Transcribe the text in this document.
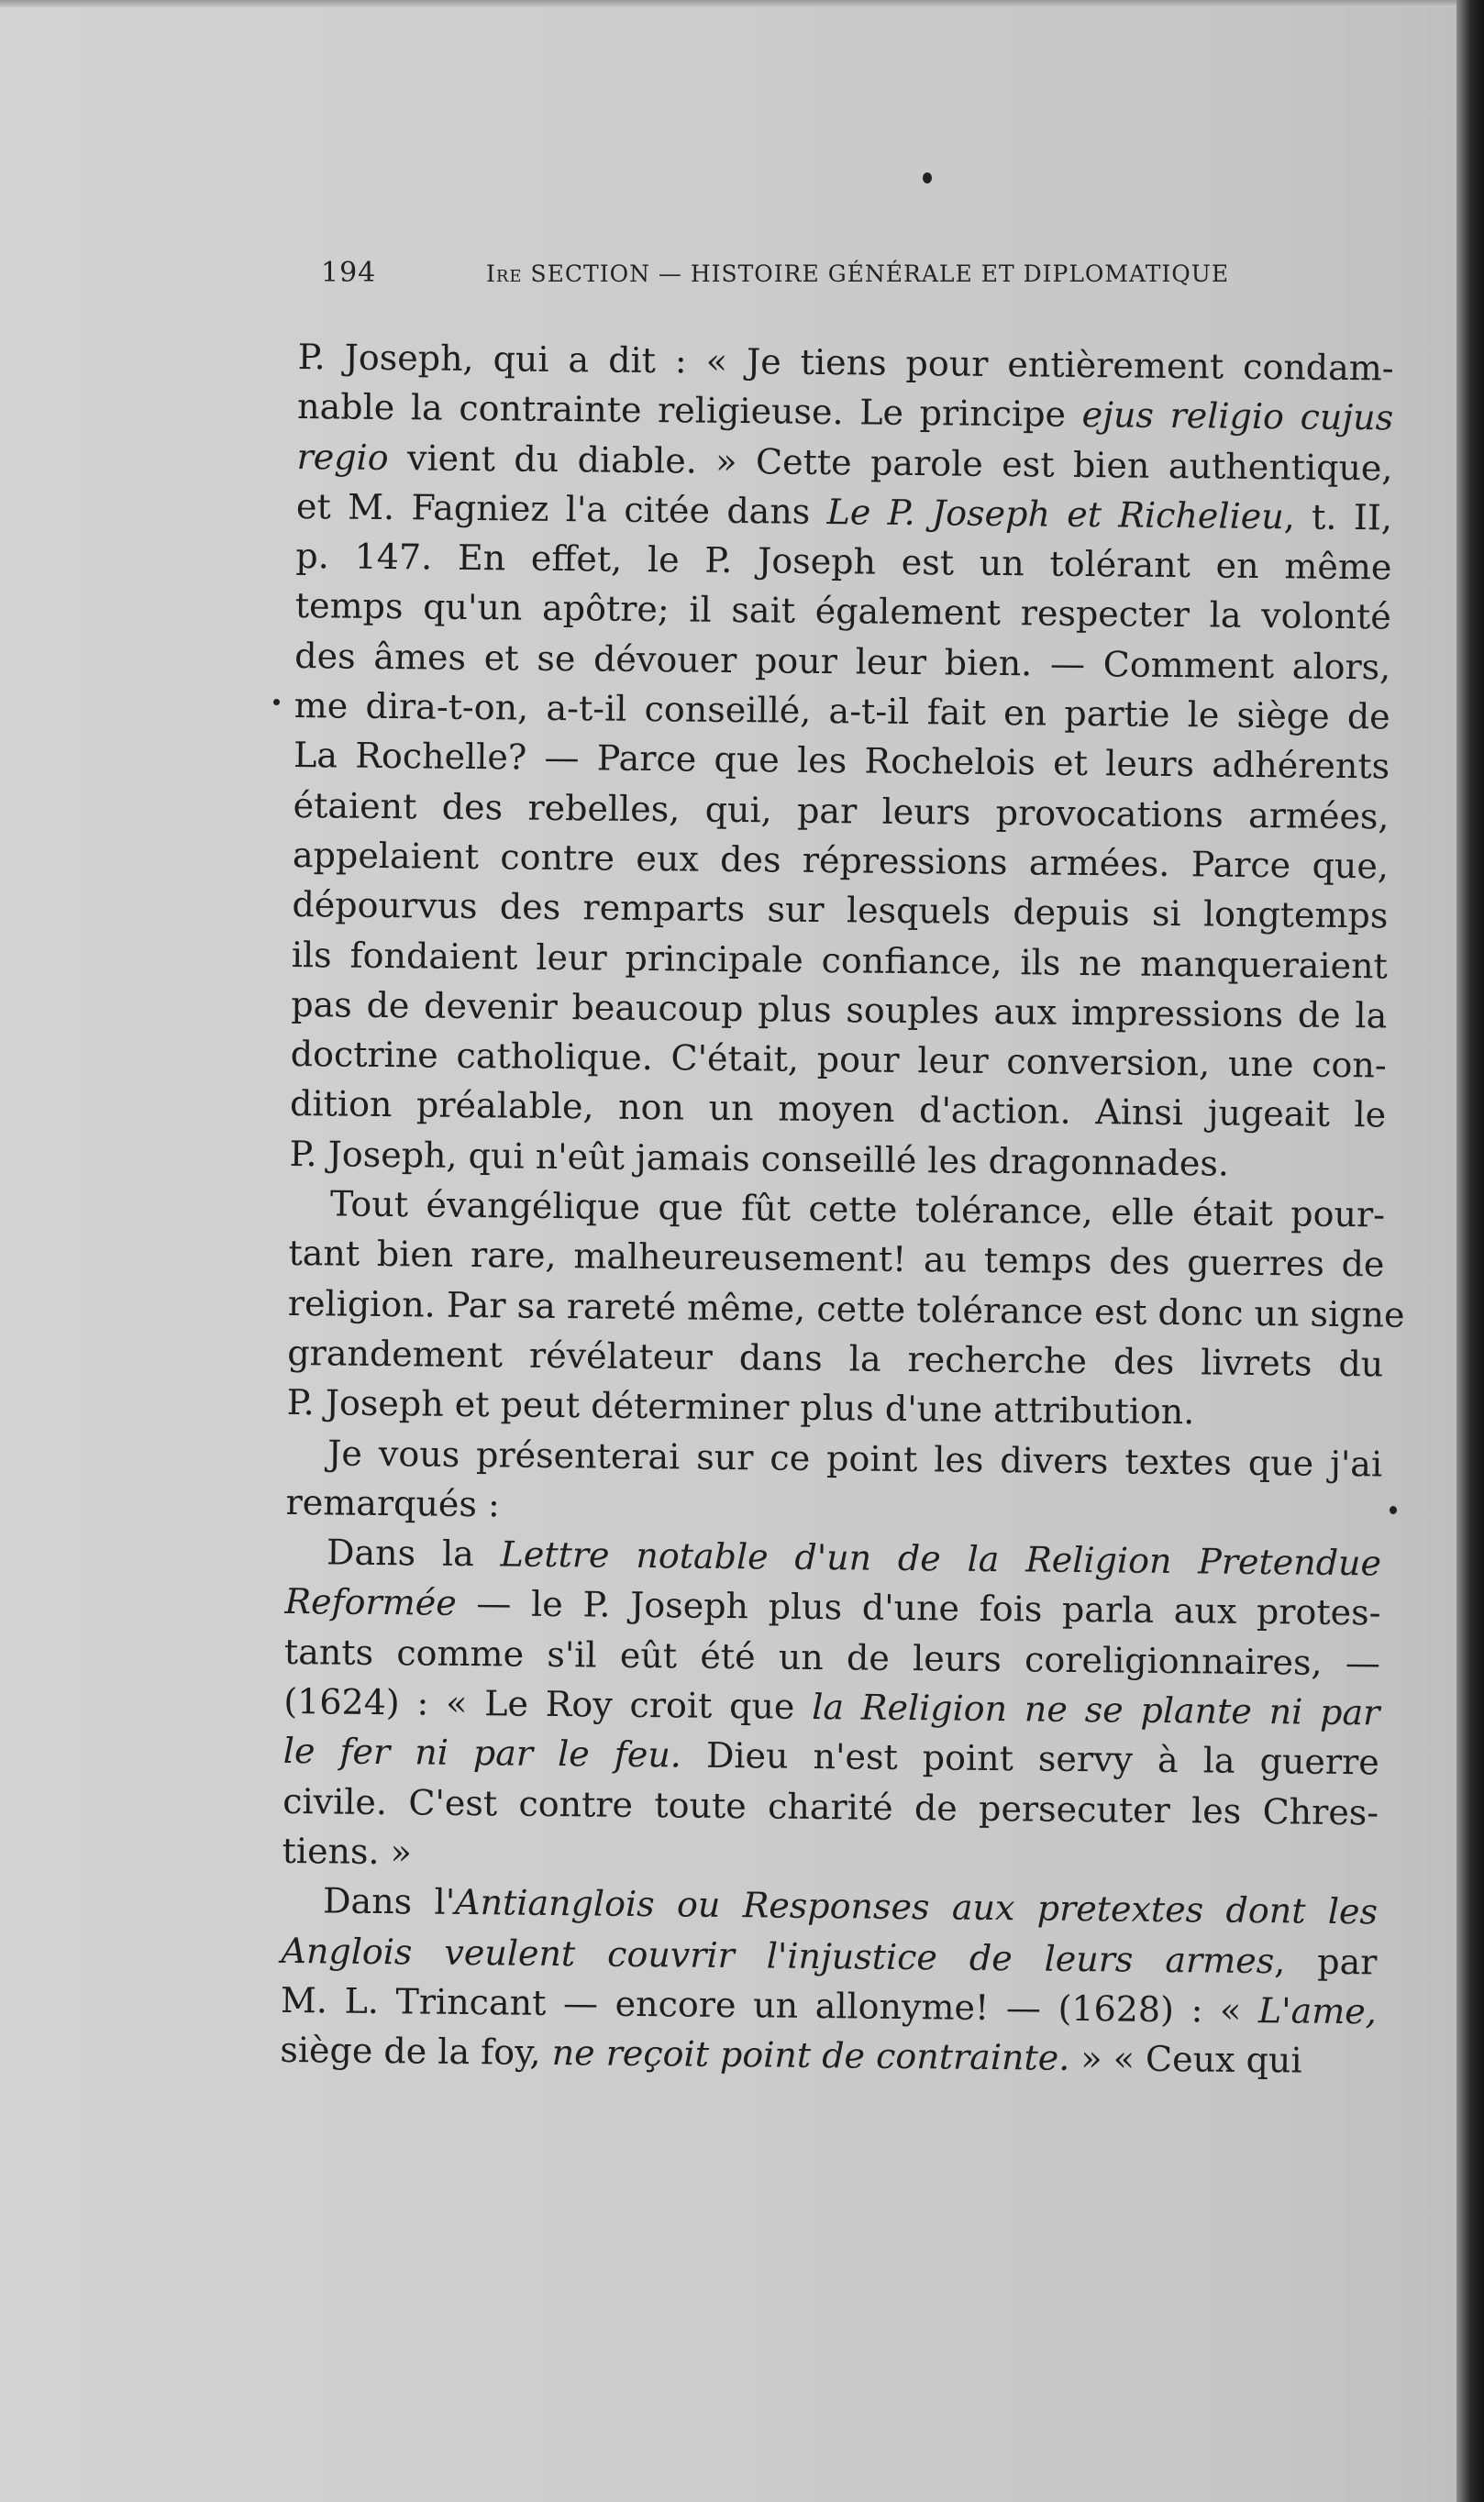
194	Ire SECTION — HISTOIRE GÉNÉRALE ET DIPLOMATIQUE
P. Joseph, qui a dit : « Je tiens pour entièrement condam-
nable la contrainte religieuse. Le principe ejus religio cujus
regio vient du diable. » Cette parole est bien authentique,
et M. Fagniez l'a citée dans Le P. Joseph et Richelieu, t. II,
p. 147. En effet, le P. Joseph est un tolérant en même
temps qu'un apôtre; il sait également respecter la volonté
des âmes et se dévouer pour leur bien. — Comment alors,
me dira-t-on, a-t-il conseillé, a-t-il fait en partie le siège de
La Rochelle? — Parce que les Rochelois et leurs adhérents
étaient des rebelles, qui, par leurs provocations armées,
appelaient contre eux des répressions armées. Parce que,
dépourvus des remparts sur lesquels depuis si longtemps
ils fondaient leur principale confiance, ils ne manqueraient
pas de devenir beaucoup plus souples aux impressions de la
doctrine catholique. C'était, pour leur conversion, une con-
dition préalable, non un moyen d'action. Ainsi jugeait le
P. Joseph, qui n'eût jamais conseillé les dragonnades.
Tout évangélique que fût cette tolérance, elle était pour-
tant bien rare, malheureusement! au temps des guerres de
religion. Par sa rareté même, cette tolérance est donc un signe
grandement révélateur dans la recherche des livrets du
P. Joseph et peut déterminer plus d'une attribution.
Je vous présenterai sur ce point les divers textes que j'ai
remarqués :
Dans la Lettre notable d'un de la Religion Pretendue
Reformée — le P. Joseph plus d'une fois parla aux protes-
tants comme s'il eût été un de leurs coreligionnaires, —
(1624) : « Le Roy croit que la Religion ne se plante ni par
le fer ni par le feu. Dieu n'est point servy à la guerre
civile. C'est contre toute charité de persecuter les Chres-
tiens. »
Dans l'Antianglois ou Responses aux pretextes dont les
Anglois veulent couvrir l'injustice de leurs armes, par
M. L. Trincant — encore un allonyme! — (1628) : « L'ame,
siège de la foy, ne reçoit point de contrainte. » « Ceux qui
